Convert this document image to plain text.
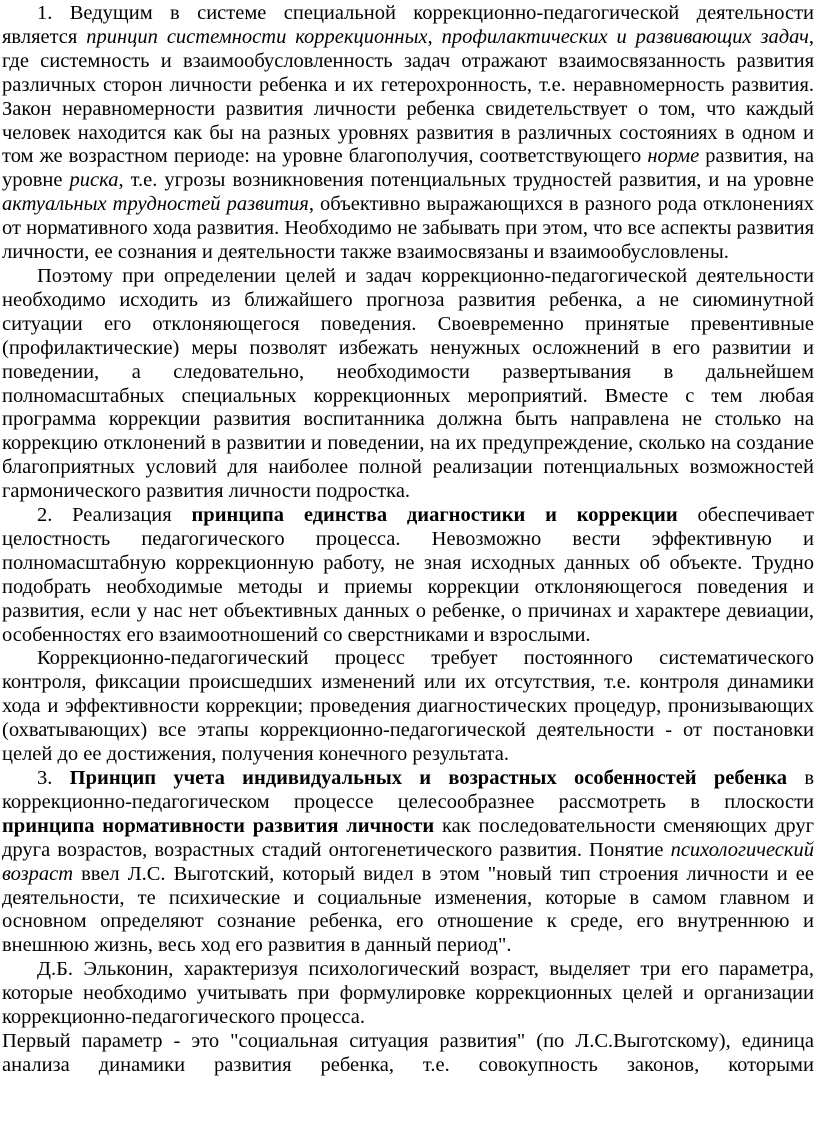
1. Ведущим в системе специальной коррекционно-педагогической деятельности является принцип системности коррекционных, профилактических и развивающих задач, где системность и взаимообусловленность задач отражают взаимосвязанность развития различных сторон личности ребенка и их гетерохронность, т.е. неравномерность развития. Закон неравномерности развития личности ребенка свидетельствует о том, что каждый человек находится как бы на разных уровнях развития в различных состояниях в одном и том же возрастном периоде: на уровне благополучия, соответствующего норме развития, на уровне риска, т.е. угрозы возникновения потенциальных трудностей развития, и на уровне актуальных трудностей развития, объективно выражающихся в разного рода отклонениях от нормативного хода развития. Необходимо не забывать при этом, что все аспекты развития личности, ее сознания и деятельности также взаимосвязаны и взаимообусловлены.

Поэтому при определении целей и задач коррекционно-педагогической деятельности необходимо исходить из ближайшего прогноза развития ребенка, а не сиюминутной ситуации его отклоняющегося поведения. Своевременно принятые превентивные (профилактические) меры позволят избежать ненужных осложнений в его развитии и поведении, а следовательно, необходимости развертывания в дальнейшем полномасштабных специальных коррекционных мероприятий. Вместе с тем любая программа коррекции развития воспитанника должна быть направлена не столько на коррекцию отклонений в развитии и поведении, на их предупреждение, сколько на создание благоприятных условий для наиболее полной реализации потенциальных возможностей гармонического развития личности подростка.

2. Реализация принципа единства диагностики и коррекции обеспечивает целостность педагогического процесса. Невозможно вести эффективную и полномасштабную коррекционную работу, не зная исходных данных об объекте. Трудно подобрать необходимые методы и приемы коррекции отклоняющегося поведения и развития, если у нас нет объективных данных о ребенке, о причинах и характере девиации, особенностях его взаимоотношений со сверстниками и взрослыми.

Коррекционно-педагогический процесс требует постоянного систематического контроля, фиксации происшедших изменений или их отсутствия, т.е. контроля динамики хода и эффективности коррекции; проведения диагностических процедур, пронизывающих (охватывающих) все этапы коррекционно-педагогической деятельности - от постановки целей до ее достижения, получения конечного результата.

3. Принцип учета индивидуальных и возрастных особенностей ребенка в коррекционно-педагогическом процессе целесообразнее рассмотреть в плоскости принципа нормативности развития личности как последовательности сменяющих друг друга возрастов, возрастных стадий онтогенетического развития. Понятие психологический возраст ввел Л.С. Выготский, который видел в этом "новый тип строения личности и ее деятельности, те психические и социальные изменения, которые в самом главном и основном определяют сознание ребенка, его отношение к среде, его внутреннюю и внешнюю жизнь, весь ход его развития в данный период".

Д.Б. Эльконин, характеризуя психологический возраст, выделяет три его параметра, которые необходимо учитывать при формулировке коррекционных целей и организации коррекционно-педагогического процесса.

Первый параметр - это "социальная ситуация развития" (по Л.С.Выготскому), единица анализа динамики развития ребенка, т.е. совокупность законов, которыми
